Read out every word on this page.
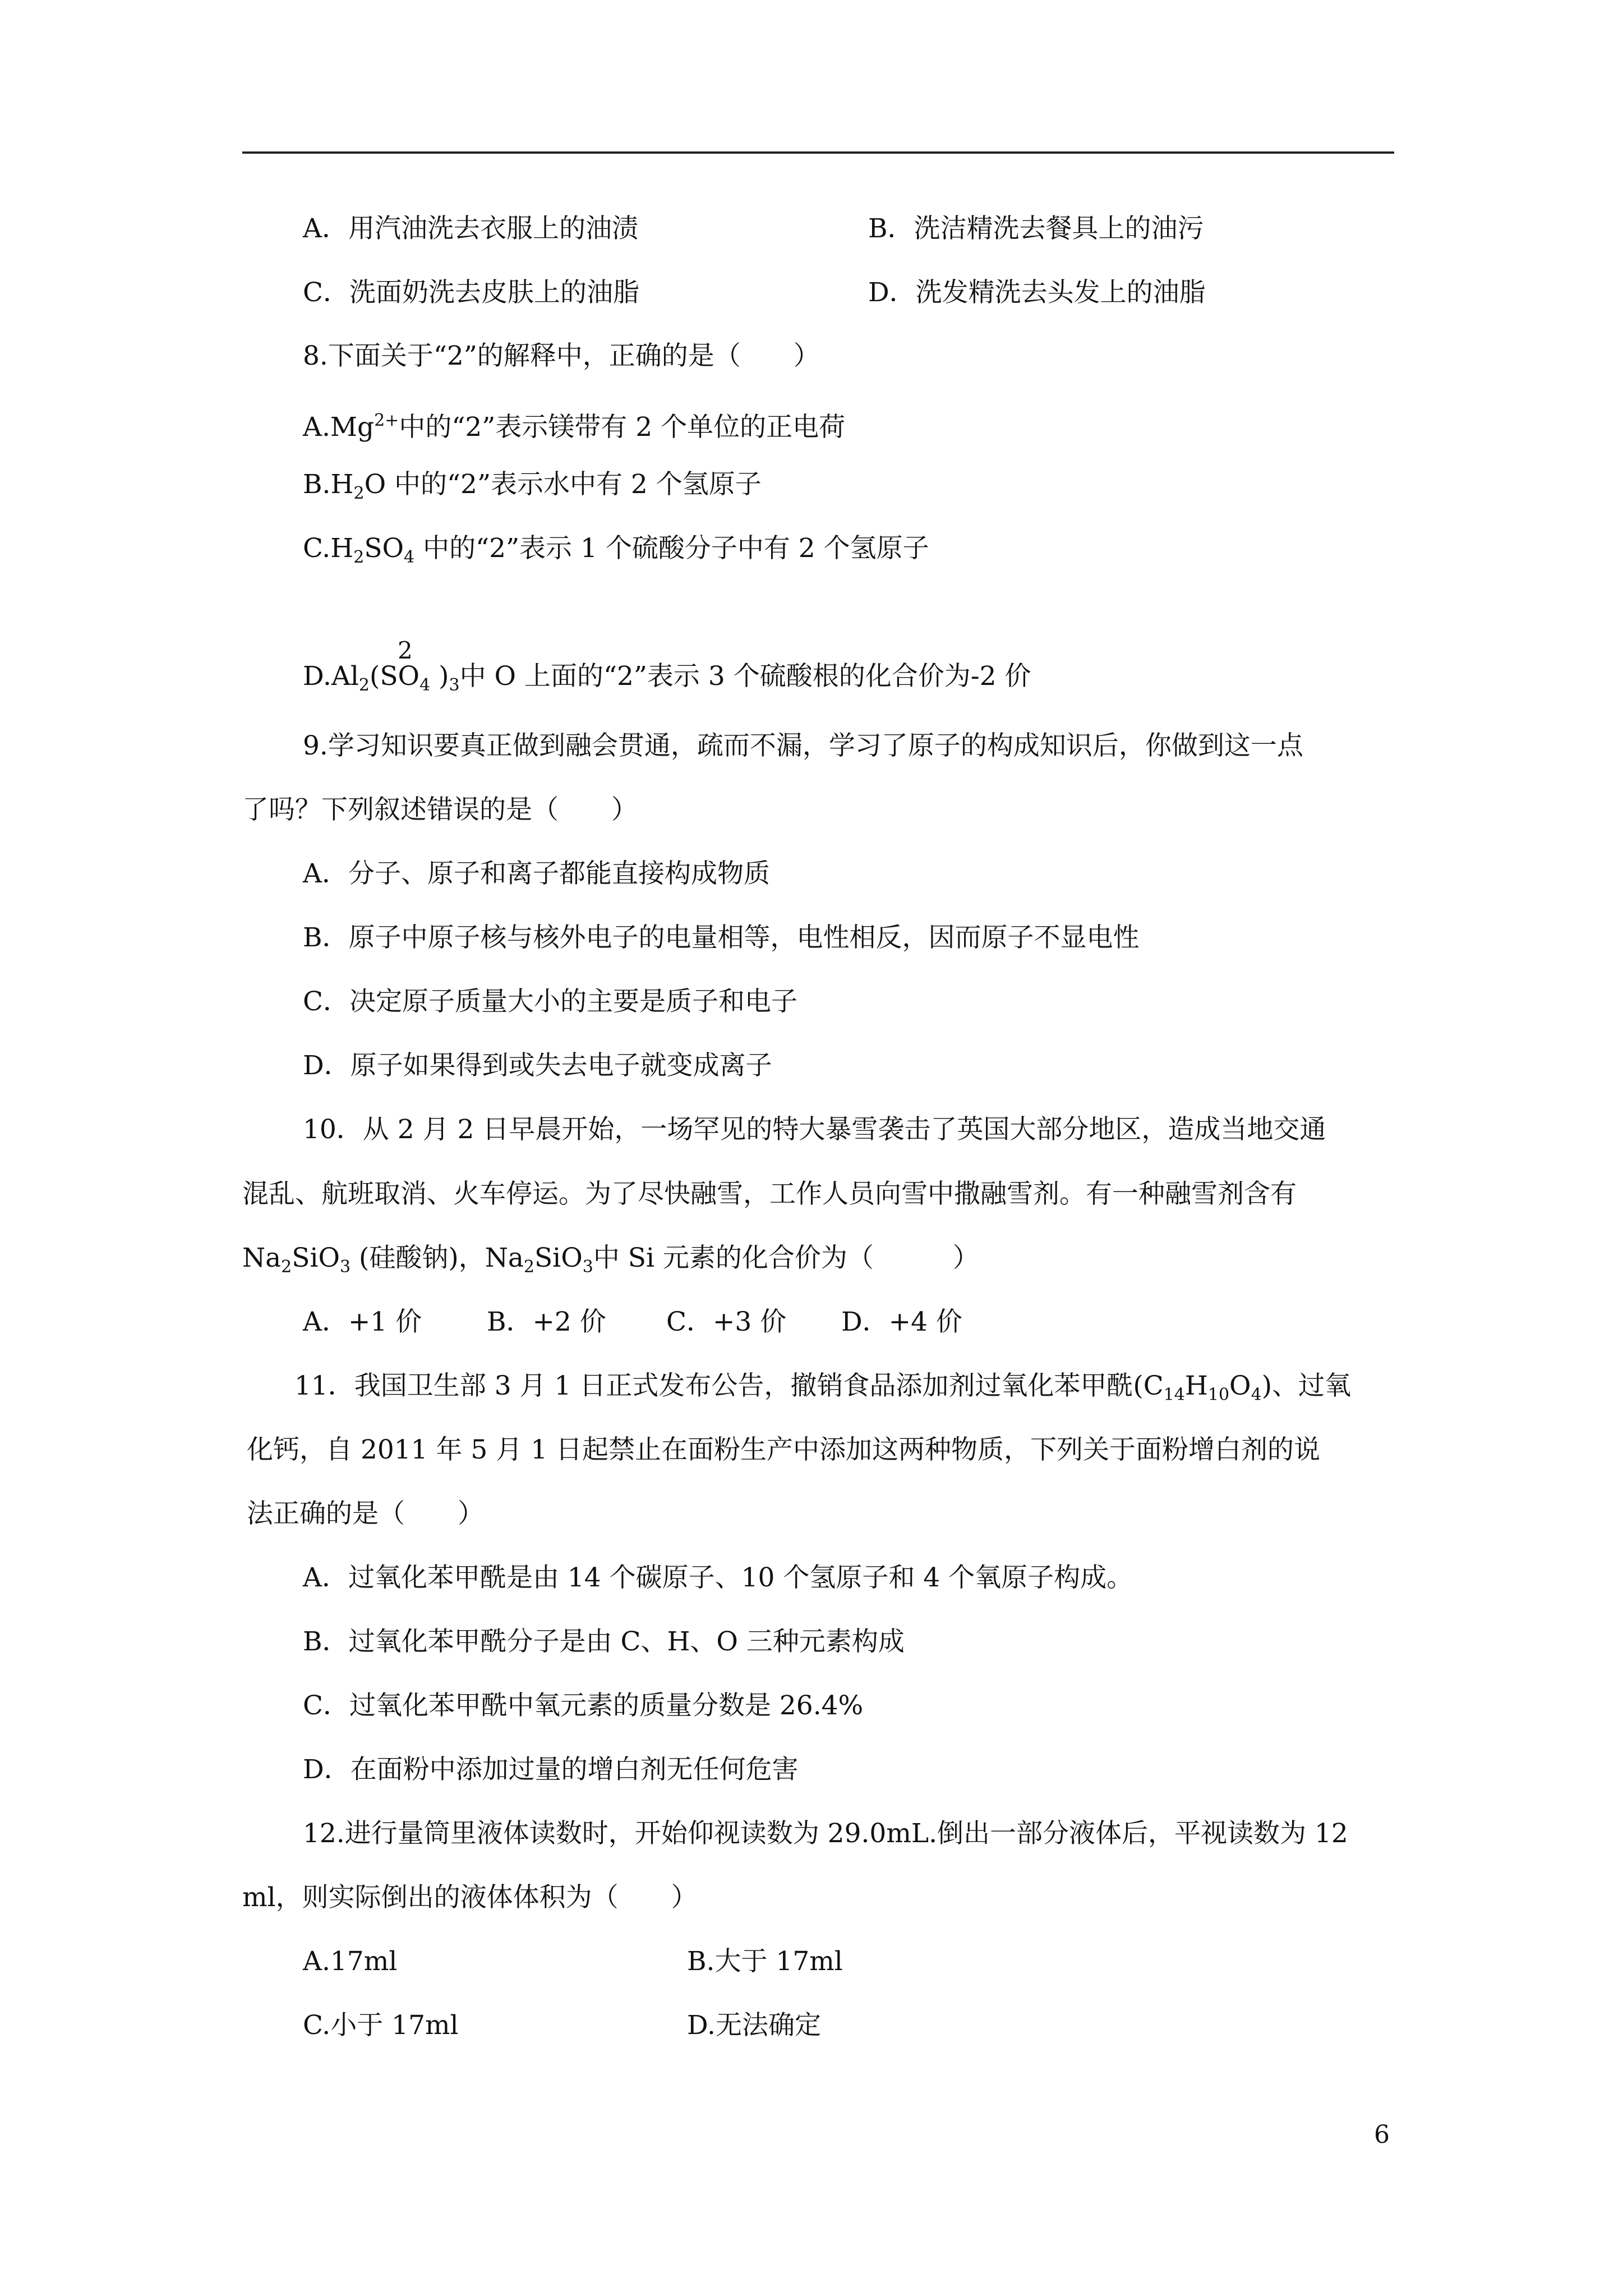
A．用汽油洗去衣服上的油渍	B．洗洁精洗去餐具上的油污
C．洗面奶洗去皮肤上的油脂	D．洗发精洗去头发上的油脂
8.下面关于“2”的解释中，正确的是（　　）
$A.Mg^{2+}$中的“2”表示镁带有 2 个单位的正电荷
$B.H_2O$ 中的“2”表示水中有 2 个氢原子
$C.H_2SO_4$ 中的“2”表示 1 个硫酸分子中有 2 个氢原子
$D.Al_2(SO$
2
$_4$ )$_3$中 O 上面的“2”表示 3 个硫酸根的化合价为-2 价
9.学习知识要真正做到融会贯通，疏而不漏，学习了原子的构成知识后，你做到这一点
了吗？下列叙述错误的是（　　）
A．分子、原子和离子都能直接构成物质
B．原子中原子核与核外电子的电量相等，电性相反，因而原子不显电性
C．决定原子质量大小的主要是质子和电子
D．原子如果得到或失去电子就变成离子
10．从 2 月 2 日早晨开始，一场罕见的特大暴雪袭击了英国大部分地区，造成当地交通
混乱、航班取消、火车停运。为了尽快融雪，工作人员向雪中撒融雪剂。有一种融雪剂含有
$Na_2SiO_3$ (硅酸钠)，$Na_2SiO_3$中 Si 元素的化合价为（　　　）
A．+1 价 B．+2 价 C．+3 价 D．+4 价
11．我国卫生部 3 月 1 日正式发布公告，撤销食品添加剂过氧化苯甲酰$(C_{14}H_{10}O_4)$、过氧
化钙，自 2011 年 5 月 1 日起禁止在面粉生产中添加这两种物质，下列关于面粉增白剂的说
法正确的是（　　）
A．过氧化苯甲酰是由 14 个碳原子、10 个氢原子和 4 个氧原子构成。
B．过氧化苯甲酰分子是由 C、H、O 三种元素构成
C．过氧化苯甲酰中氧元素的质量分数是 26.4%
D．在面粉中添加过量的增白剂无任何危害
12.进行量筒里液体读数时，开始仰视读数为 29.0mL.倒出一部分液体后，平视读数为 12
ml，则实际倒出的液体体积为（　　）
A.17ml	B.大于 17ml
C.小于 17ml	D.无法确定
6
